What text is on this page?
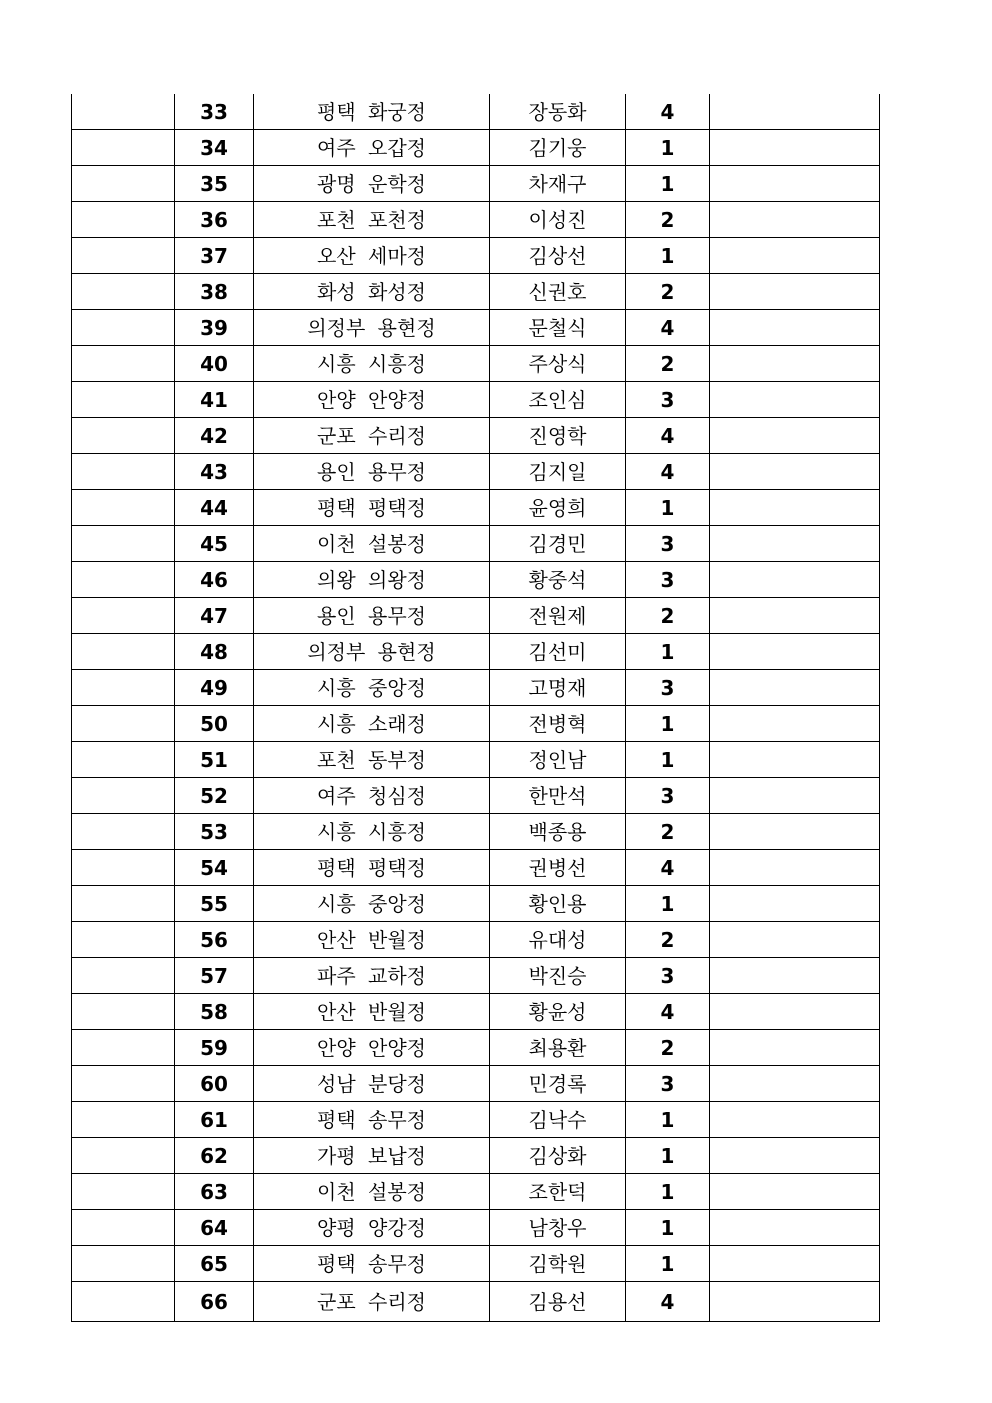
	33	평택 화궁정	장동화	4	
	34	여주 오갑정	김기웅	1	
	35	광명 운학정	차재구	1	
	36	포천 포천정	이성진	2	
	37	오산 세마정	김상선	1	
	38	화성 화성정	신권호	2	
	39	의정부 용현정	문철식	4	
	40	시흥 시흥정	주상식	2	
	41	안양 안양정	조인심	3	
	42	군포 수리정	진영학	4	
	43	용인 용무정	김지일	4	
	44	평택 평택정	윤영희	1	
	45	이천 설봉정	김경민	3	
	46	의왕 의왕정	황중석	3	
	47	용인 용무정	전원제	2	
	48	의정부 용현정	김선미	1	
	49	시흥 중앙정	고명재	3	
	50	시흥 소래정	전병혁	1	
	51	포천 동부정	정인남	1	
	52	여주 청심정	한만석	3	
	53	시흥 시흥정	백종용	2	
	54	평택 평택정	권병선	4	
	55	시흥 중앙정	황인용	1	
	56	안산 반월정	유대성	2	
	57	파주 교하정	박진승	3	
	58	안산 반월정	황윤성	4	
	59	안양 안양정	최용환	2	
	60	성남 분당정	민경록	3	
	61	평택 송무정	김낙수	1	
	62	가평 보납정	김상화	1	
	63	이천 설봉정	조한덕	1	
	64	양평 양강정	남창우	1	
	65	평택 송무정	김학원	1	
	66	군포 수리정	김용선	4	
